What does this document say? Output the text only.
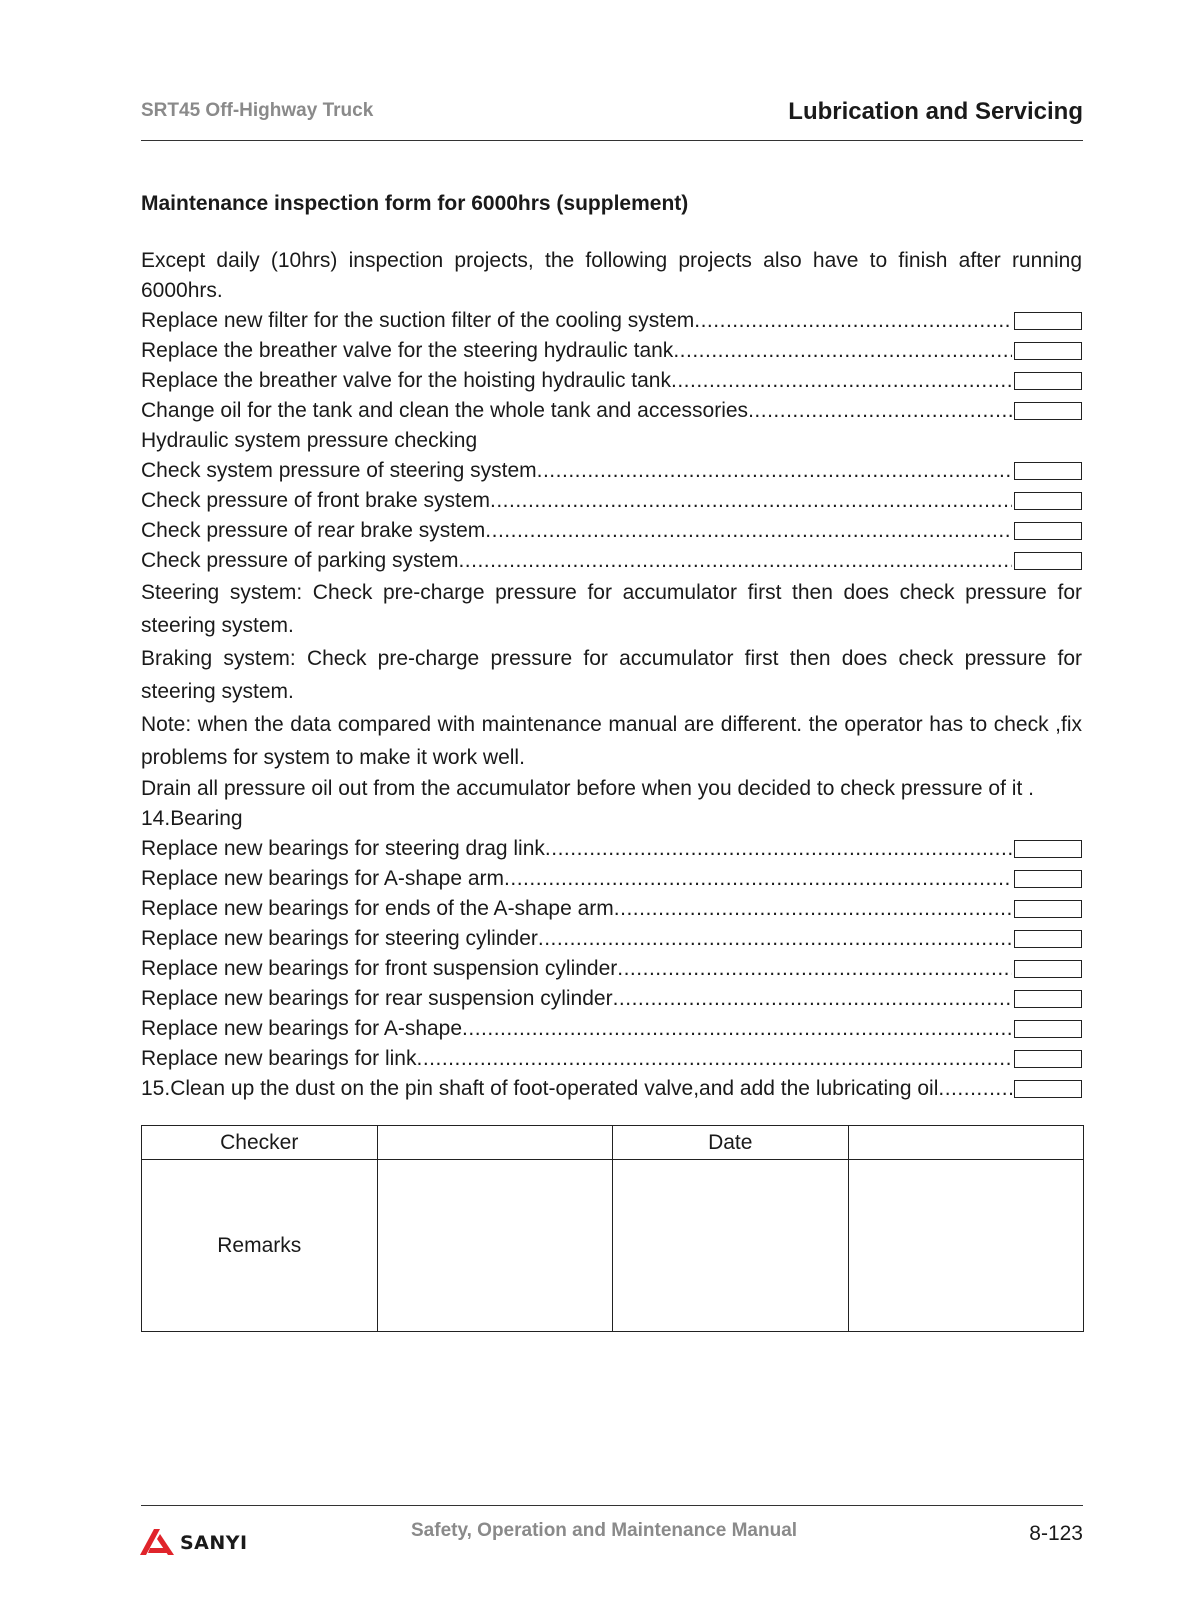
SRT45 Off-Highway Truck	Lubrication and Servicing
Maintenance inspection form for 6000hrs (supplement)
Except daily (10hrs) inspection projects, the following projects also have to finish after running 6000hrs.
Replace new filter for the suction filter of the cooling system
.....
Replace the breather valve for the steering hydraulic tank
.....
Replace the breather valve for the hoisting hydraulic tank
.....
Change oil for the tank and clean the whole tank and accessories
.....
Hydraulic system pressure checking
Check system pressure of steering system
.....
Check pressure of front brake system
.....
Check pressure of rear brake system
.....
Check pressure of parking system
.....
Steering system: Check pre-charge pressure for accumulator first then does check pressure for steering system.
Braking system: Check pre-charge pressure for accumulator first then does check pressure for steering system.
Note: when the data compared with maintenance manual are different. the operator has to check ,fix problems for system to make it work well.
Drain all pressure oil out from the accumulator before when you decided to check pressure of it .
14.Bearing
Replace new bearings for steering drag link
.....
Replace new bearings for A-shape arm
.....
Replace new bearings for ends of the A-shape arm
.....
Replace new bearings for steering cylinder
.....
Replace new bearings for front suspension cylinder
.....
Replace new bearings for rear suspension cylinder
.....
Replace new bearings for A-shape
.....
Replace new bearings for link
.....
15.Clean up the dust on the pin shaft of foot-operated valve,and add the lubricating oil
.....
Checker		Date	
Remarks			
SANYI
Safety, Operation and Maintenance Manual	8-123
